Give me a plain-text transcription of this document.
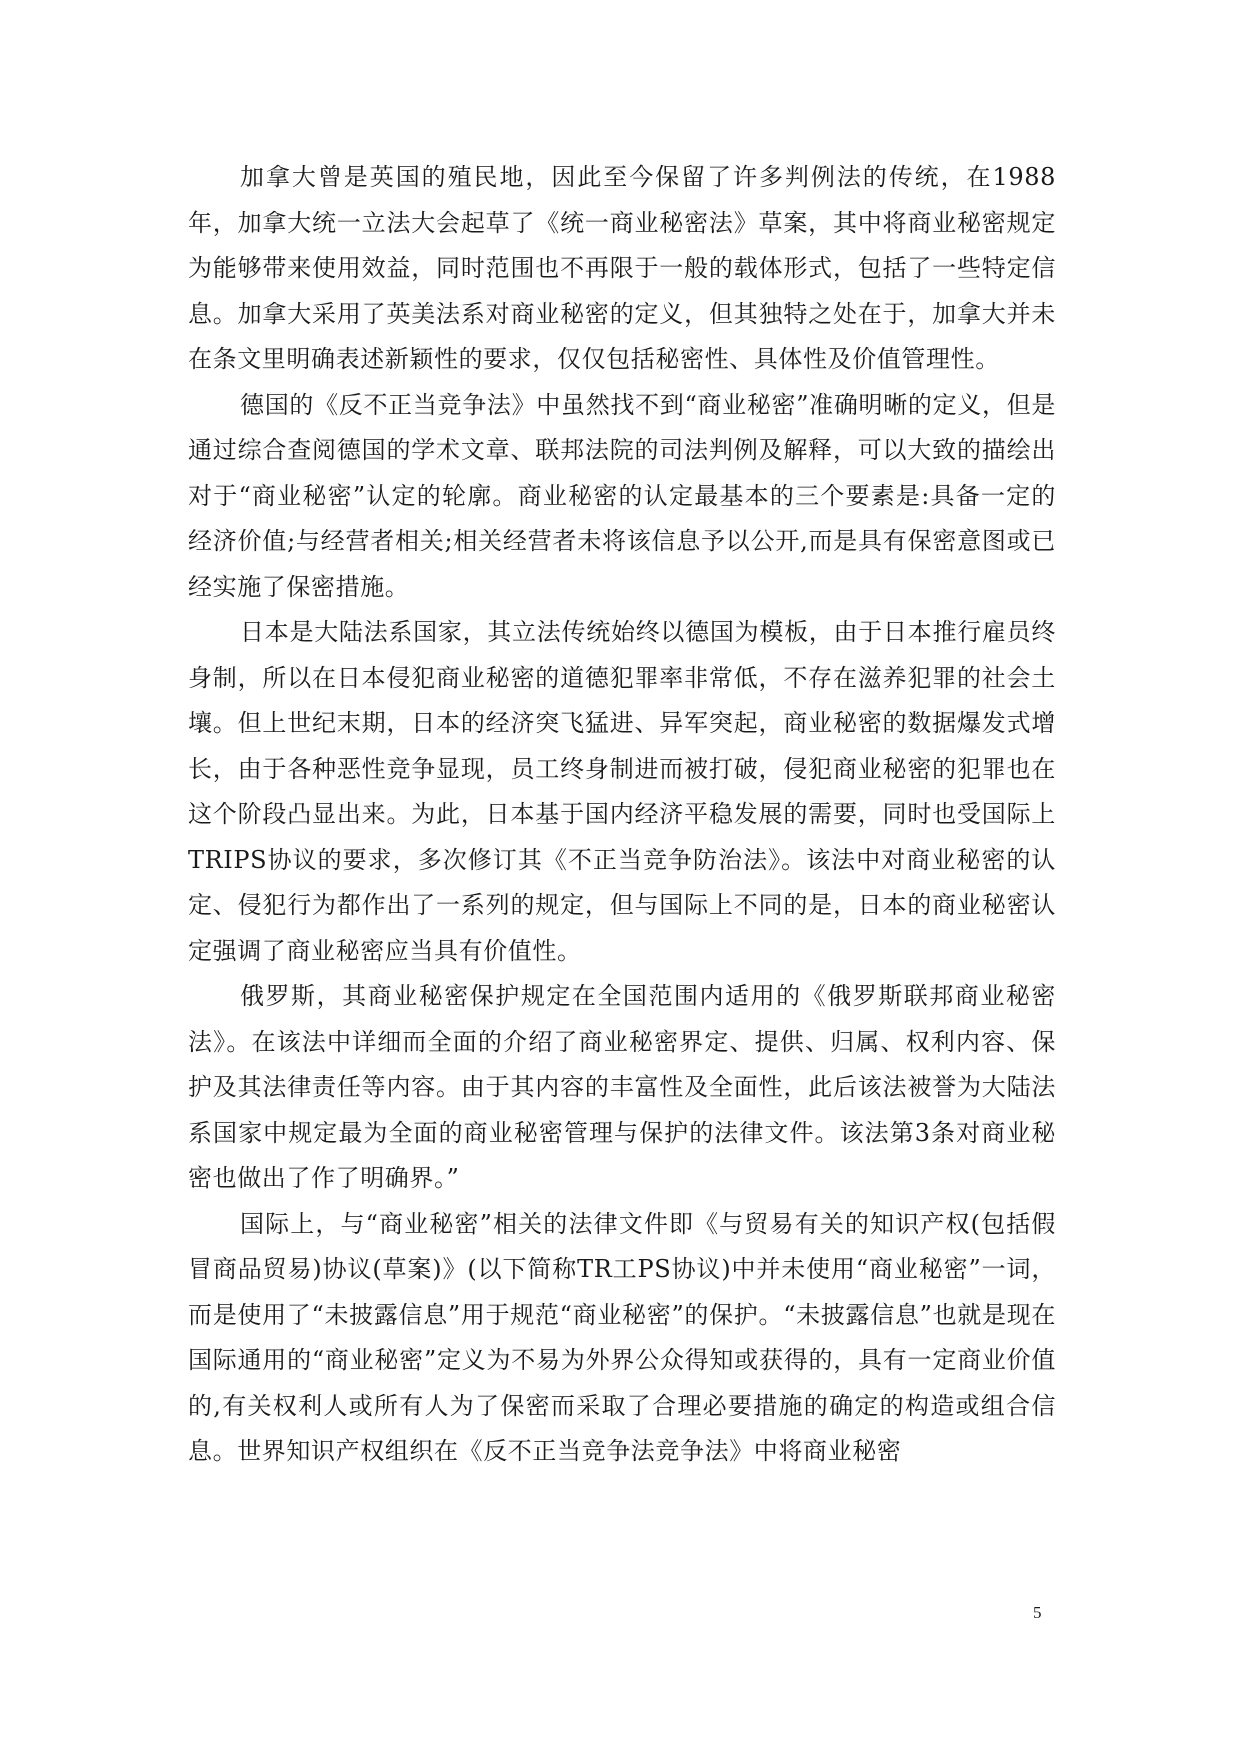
加拿大曾是英国的殖民地，因此至今保留了许多判例法的传统，在1988年，加拿大统一立法大会起草了《统一商业秘密法》草案，其中将商业秘密规定为能够带来使用效益，同时范围也不再限于一般的载体形式，包括了一些特定信息。加拿大采用了英美法系对商业秘密的定义，但其独特之处在于，加拿大并未在条文里明确表述新颖性的要求，仅仅包括秘密性、具体性及价值管理性。

德国的《反不正当竞争法》中虽然找不到“商业秘密”准确明晰的定义，但是通过综合查阅德国的学术文章、联邦法院的司法判例及解释，可以大致的描绘出对于“商业秘密”认定的轮廓。商业秘密的认定最基本的三个要素是:具备一定的经济价值;与经营者相关;相关经营者未将该信息予以公开,而是具有保密意图或已经实施了保密措施。

日本是大陆法系国家，其立法传统始终以德国为模板，由于日本推行雇员终身制，所以在日本侵犯商业秘密的道德犯罪率非常低，不存在滋养犯罪的社会土壤。但上世纪末期，日本的经济突飞猛进、异军突起，商业秘密的数据爆发式增长，由于各种恶性竞争显现，员工终身制进而被打破，侵犯商业秘密的犯罪也在这个阶段凸显出来。为此，日本基于国内经济平稳发展的需要，同时也受国际上TRIPS协议的要求，多次修订其《不正当竞争防治法》。该法中对商业秘密的认定、侵犯行为都作出了一系列的规定，但与国际上不同的是，日本的商业秘密认定强调了商业秘密应当具有价值性。

俄罗斯，其商业秘密保护规定在全国范围内适用的《俄罗斯联邦商业秘密法》。在该法中详细而全面的介绍了商业秘密界定、提供、归属、权利内容、保护及其法律责任等内容。由于其内容的丰富性及全面性，此后该法被誉为大陆法系国家中规定最为全面的商业秘密管理与保护的法律文件。该法第3条对商业秘密也做出了作了明确界。”

国际上，与“商业秘密”相关的法律文件即《与贸易有关的知识产权(包括假冒商品贸易)协议(草案)》(以下简称TR工PS协议)中并未使用“商业秘密”一词，而是使用了“未披露信息”用于规范“商业秘密”的保护。“未披露信息”也就是现在国际通用的“商业秘密”定义为不易为外界公众得知或获得的，具有一定商业价值的,有关权利人或所有人为了保密而采取了合理必要措施的确定的构造或组合信息。世界知识产权组织在《反不正当竞争法竞争法》中将商业秘密

5
